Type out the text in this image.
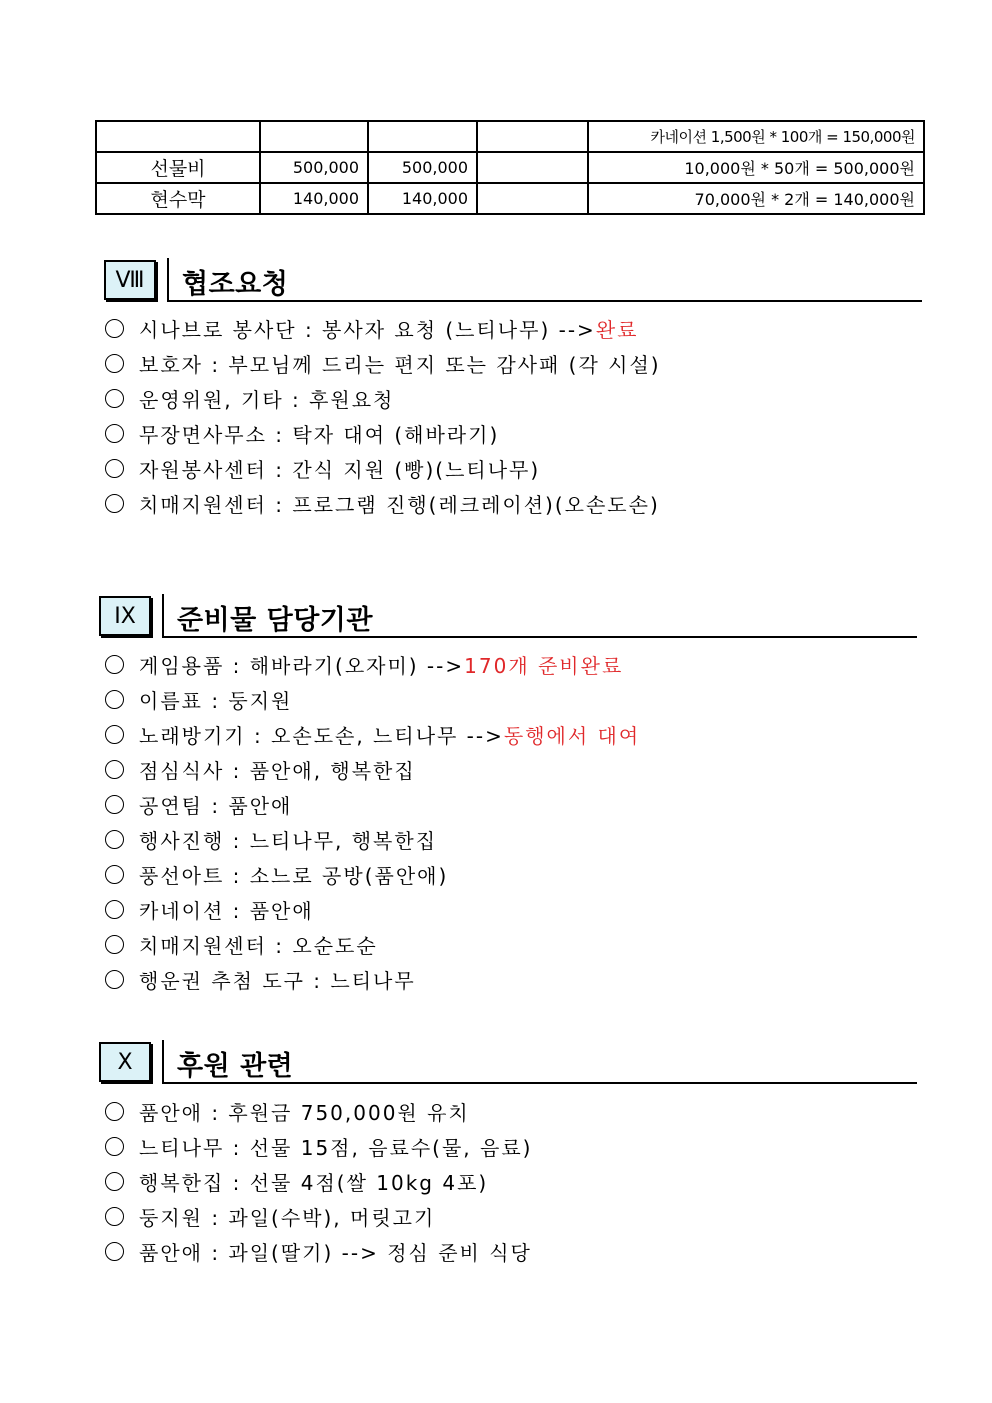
				카네이션 1,500원 * 100개 = 150,000원
선물비	500,000	500,000		10,000원 * 50개 = 500,000원
현수막	140,000	140,000		70,000원 * 2개 = 140,000원
Ⅷ	협조요청
시나브로 봉사단 : 봉사자 요청 (느티나무) --> 완료
보호자 : 부모님께 드리는 편지 또는 감사패 (각 시설)
운영위원, 기타 : 후원요청
무장면사무소 : 탁자 대여 (해바라기)
자원봉사센터 : 간식 지원 (빵)(느티나무)
치매지원센터 : 프로그램 진행(레크레이션)(오손도손)
IX	준비물 담당기관
게임용품 : 해바라기(오자미) --> 170개 준비완료
이름표 : 둥지원
노래방기기 : 오손도손, 느티나무 --> 동행에서 대여
점심식사 : 품안애, 행복한집
공연팀 : 품안애
행사진행 : 느티나무, 행복한집
풍선아트 : 소느로 공방(품안애)
카네이션 : 품안애
치매지원센터 : 오순도순
행운권 추첨 도구 : 느티나무
X	후원 관련
품안애 : 후원금 750,000원 유치
느티나무 : 선물 15점, 음료수(물, 음료)
행복한집 : 선물 4점(쌀 10kg 4포)
둥지원 : 과일(수박), 머릿고기
품안애 : 과일(딸기) --> 정심 준비 식당
